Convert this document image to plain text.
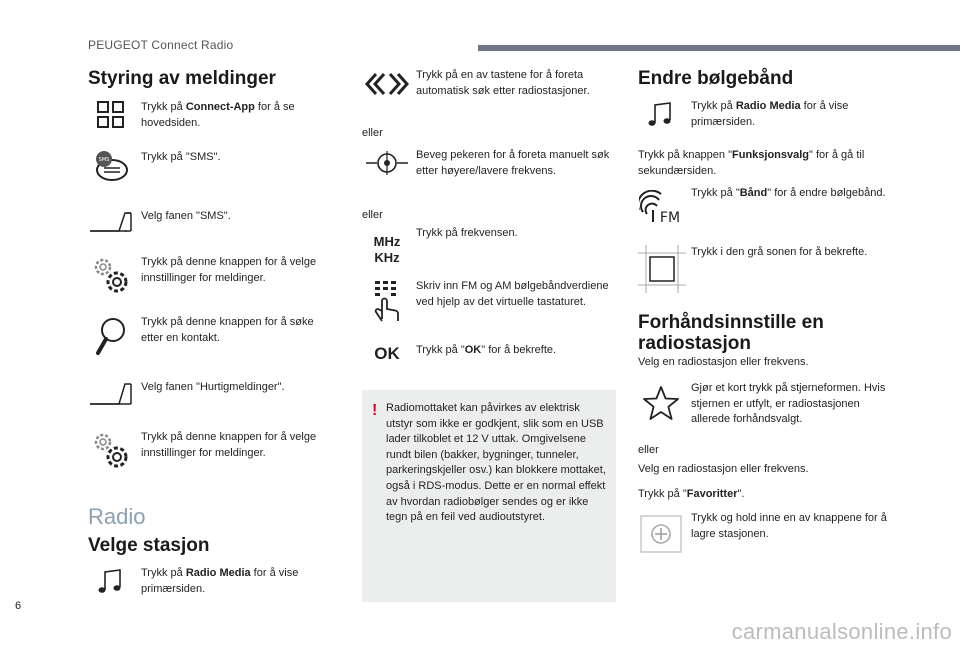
PEUGEOT Connect Radio
Styring av meldinger
Trykk på Connect-App for å se hovedsiden.
SMS	Trykk på "SMS".
Velg fanen "SMS".
Trykk på denne knappen for å velge innstillinger for meldinger.
Trykk på denne knappen for å søke etter en kontakt.
Velg fanen "Hurtigmeldinger".
Trykk på denne knappen for å velge innstillinger for meldinger.
Radio
Velge stasjon
Trykk på Radio Media for å vise primærsiden.
Trykk på en av tastene for å foreta automatisk søk etter radiostasjoner.
eller
Beveg pekeren for å foreta manuelt søk etter høyere/lavere frekvens.
eller
MHz
KHz
Trykk på frekvensen.
Skriv inn FM og AM bølgebåndverdiene ved hjelp av det virtuelle tastaturet.
OK Trykk på "OK" for å bekrefte.
! Radiomottaket kan påvirkes av elektrisk utstyr som ikke er godkjent, slik som en USB lader tilkoblet et 12 V uttak. Omgivelsene rundt bilen (bakker, bygninger, tunneler, parkeringskjeller osv.) kan blokkere mottaket, også i RDS-modus. Dette er en normal effekt av hvordan radiobølger sendes og er ikke tegn på en feil ved audioutstyret.
Endre bølgebånd
Trykk på Radio Media for å vise primærsiden.
Trykk på knappen "Funksjonsvalg" for å gå til sekundærsiden.
FM
Trykk på "Bånd" for å endre bølgebånd.
Trykk i den grå sonen for å bekrefte.
Forhåndsinnstille en radiostasjon
Velg en radiostasjon eller frekvens.
Gjør et kort trykk på stjerneformen. Hvis stjernen er utfylt, er radiostasjonen allerede forhåndsvalgt.
eller
Velg en radiostasjon eller frekvens.
Trykk på "Favoritter".
Trykk og hold inne en av knappene for å lagre stasjonen.
6
carmanualsonline.info
